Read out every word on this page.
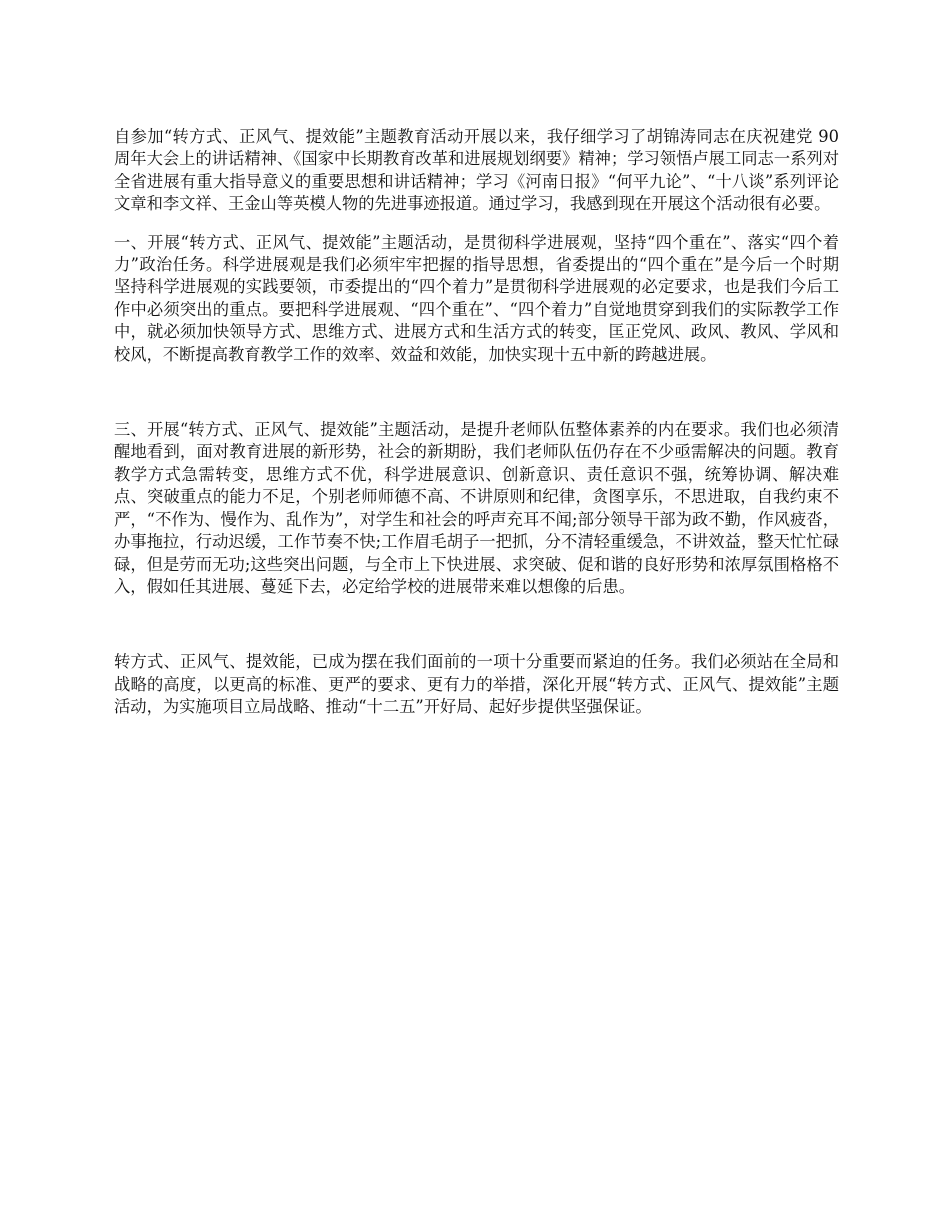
自参加“转方式、正风气、提效能”主题教育活动开展以来，我仔细学习了胡锦涛同志在庆祝建党 90 周年大会上的讲话精神、《国家中长期教育改革和进展规划纲要》精神；学习领悟卢展工同志一系列对全省进展有重大指导意义的重要思想和讲话精神；学习《河南日报》“何平九论”、“十八谈”系列评论文章和李文祥、王金山等英模人物的先进事迹报道。通过学习，我感到现在开展这个活动很有必要。

一、开展“转方式、正风气、提效能”主题活动，是贯彻科学进展观，坚持“四个重在”、落实“四个着力”政治任务。科学进展观是我们必须牢牢把握的指导思想，省委提出的“四个重在”是今后一个时期坚持科学进展观的实践要领，市委提出的“四个着力”是贯彻科学进展观的必定要求，也是我们今后工作中必须突出的重点。要把科学进展观、“四个重在”、“四个着力”自觉地贯穿到我们的实际教学工作中，就必须加快领导方式、思维方式、进展方式和生活方式的转变，匡正党风、政风、教风、学风和校风，不断提高教育教学工作的效率、效益和效能，加快实现十五中新的跨越进展。

三、开展“转方式、正风气、提效能”主题活动，是提升老师队伍整体素养的内在要求。我们也必须清醒地看到，面对教育进展的新形势，社会的新期盼，我们老师队伍仍存在不少亟需解决的问题。教育教学方式急需转变，思维方式不优，科学进展意识、创新意识、责任意识不强，统筹协调、解决难点、突破重点的能力不足，个别老师师德不高、不讲原则和纪律，贪图享乐，不思进取，自我约束不严，“不作为、慢作为、乱作为”，对学生和社会的呼声充耳不闻;部分领导干部为政不勤，作风疲沓，办事拖拉，行动迟缓，工作节奏不快;工作眉毛胡子一把抓，分不清轻重缓急，不讲效益，整天忙忙碌碌，但是劳而无功;这些突出问题，与全市上下快进展、求突破、促和谐的良好形势和浓厚氛围格格不入，假如任其进展、蔓延下去，必定给学校的进展带来难以想像的后患。

转方式、正风气、提效能，已成为摆在我们面前的一项十分重要而紧迫的任务。我们必须站在全局和战略的高度，以更高的标准、更严的要求、更有力的举措，深化开展“转方式、正风气、提效能”主题活动，为实施项目立局战略、推动“十二五”开好局、起好步提供坚强保证。
